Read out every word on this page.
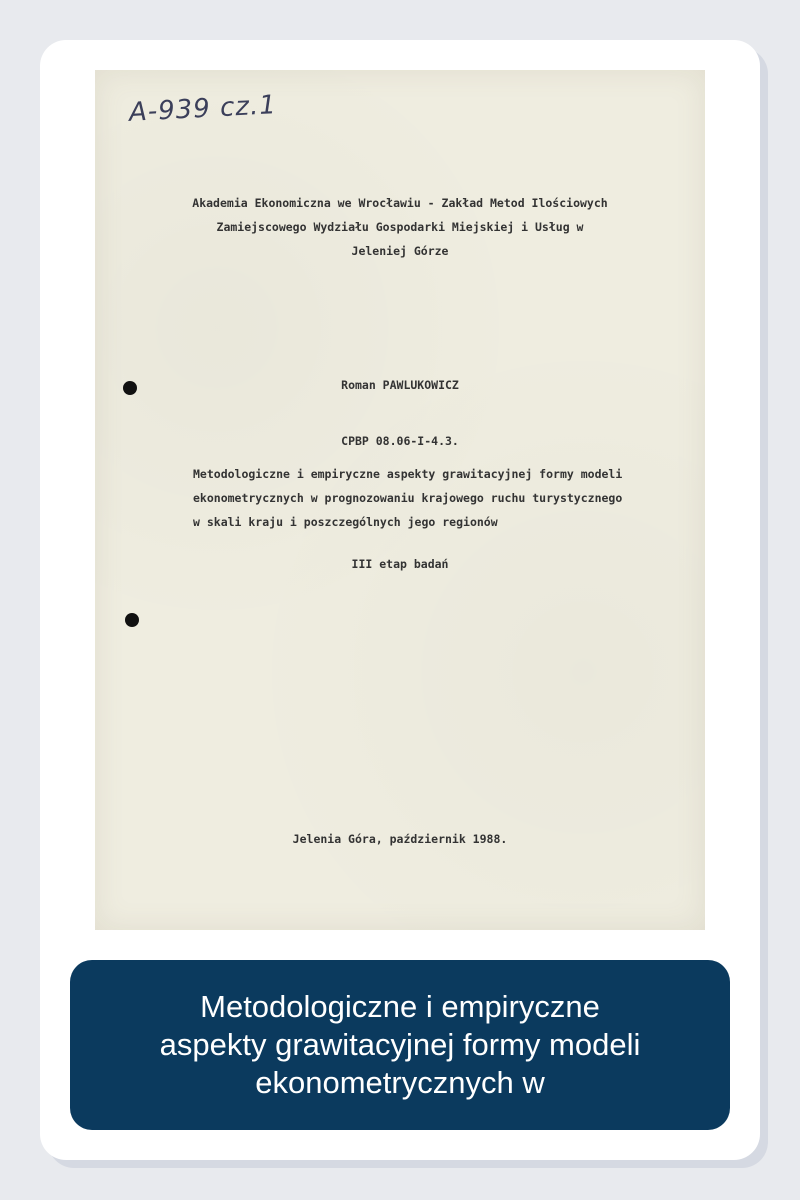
A-939 cz.1
Akademia Ekonomiczna we Wrocławiu - Zakład Metod Ilościowych
Zamiejscowego Wydziału Gospodarki Miejskiej i Usług w
Jeleniej Górze
Roman PAWLUKOWICZ
CPBP 08.06-I-4.3.
Metodologiczne i empiryczne aspekty grawitacyjnej formy modeli
ekonometrycznych w prognozowaniu krajowego ruchu turystycznego
w skali kraju i poszczególnych jego regionów
III etap badań
Jelenia Góra, październik 1988.
Metodologiczne i empiryczne
aspekty grawitacyjnej formy modeli
ekonometrycznych w
